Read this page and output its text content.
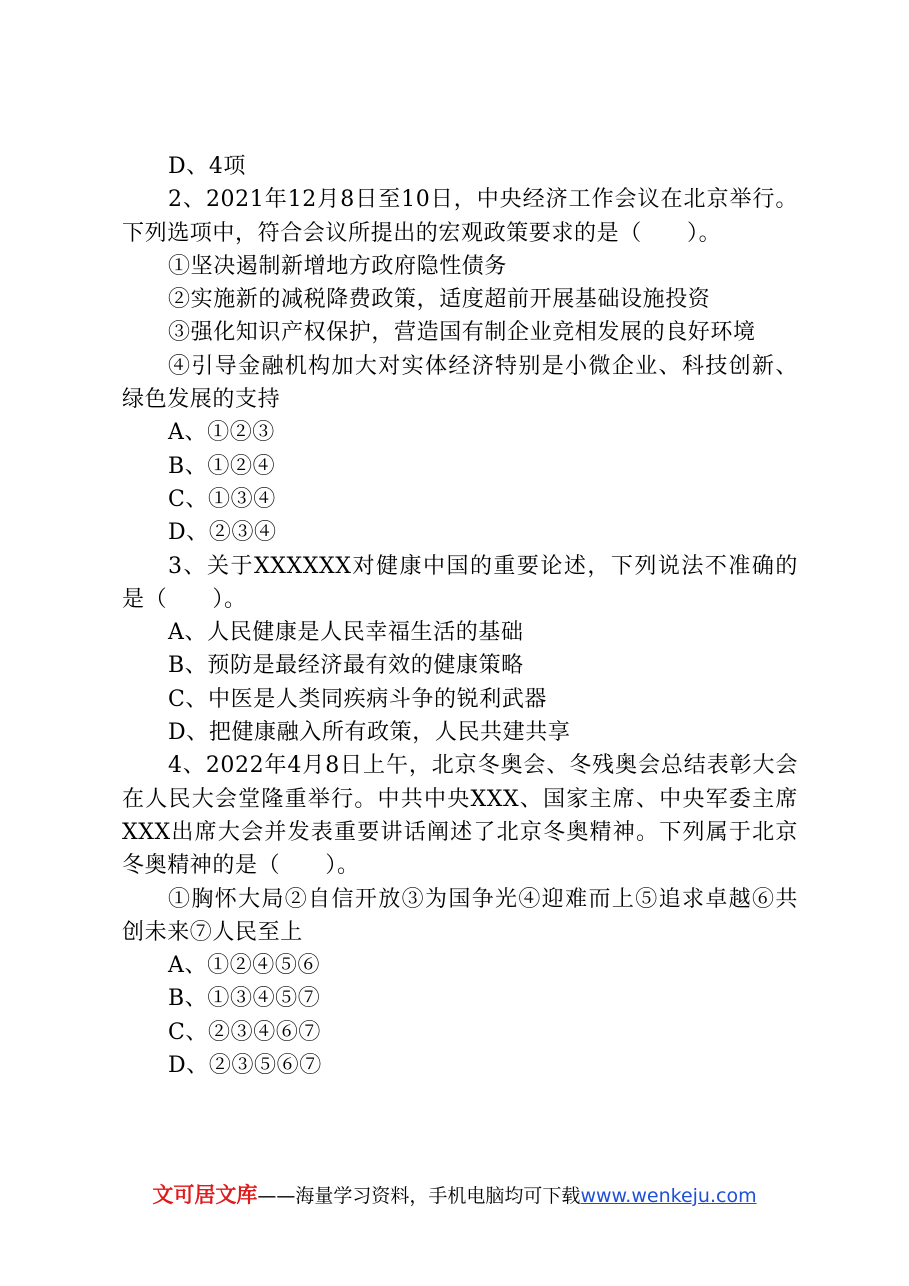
D、4项

2、2021年12月8日至10日，中央经济工作会议在北京举行。下列选项中，符合会议所提出的宏观政策要求的是（　　）。

①坚决遏制新增地方政府隐性债务

②实施新的减税降费政策，适度超前开展基础设施投资

③强化知识产权保护，营造国有制企业竞相发展的良好环境

④引导金融机构加大对实体经济特别是小微企业、科技创新、绿色发展的支持

A、①②③

B、①②④

C、①③④

D、②③④

3、关于XXXXXX对健康中国的重要论述，下列说法不准确的是（　　）。

A、人民健康是人民幸福生活的基础

B、预防是最经济最有效的健康策略

C、中医是人类同疾病斗争的锐利武器

D、把健康融入所有政策，人民共建共享

4、2022年4月8日上午，北京冬奥会、冬残奥会总结表彰大会在人民大会堂隆重举行。中共中央XXX、国家主席、中央军委主席XXX出席大会并发表重要讲话阐述了北京冬奥精神。下列属于北京冬奥精神的是（　　）。

①胸怀大局②自信开放③为国争光④迎难而上⑤追求卓越⑥共创未来⑦人民至上

A、①②④⑤⑥

B、①③④⑤⑦

C、②③④⑥⑦

D、②③⑤⑥⑦

文可居文库——海量学习资料，手机电脑均可下载www.wenkeju.com
